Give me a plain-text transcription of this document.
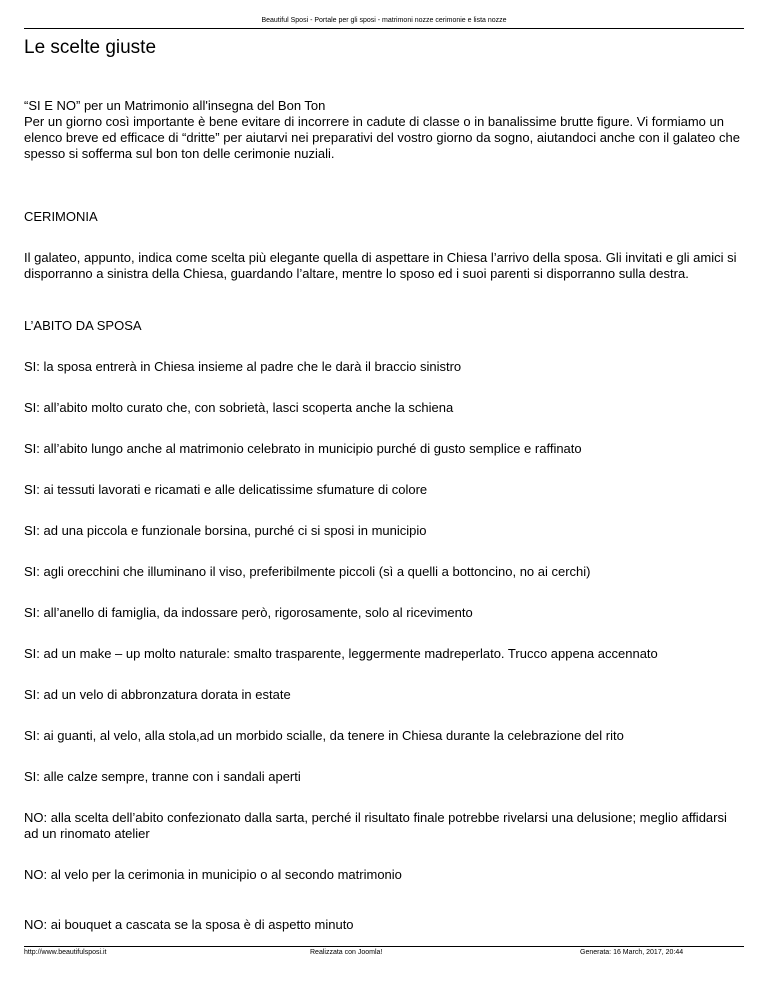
Beautiful Sposi - Portale per gli sposi - matrimoni nozze cerimonie e lista nozze
Le scelte giuste

“SI E NO” per un Matrimonio all'insegna del Bon Ton

Per un giorno così importante è bene evitare di incorrere in cadute di classe o in banalissime brutte figure. Vi formiamo un elenco breve ed efficace di “dritte” per aiutarvi nei preparativi del vostro giorno da sogno, aiutandoci anche con il galateo che spesso si sofferma sul bon ton delle cerimonie nuziali.

CERIMONIA

Il galateo, appunto, indica come scelta più elegante quella di aspettare in Chiesa l’arrivo della sposa. Gli invitati e gli amici si disporranno a sinistra della Chiesa, guardando l’altare, mentre lo sposo ed i suoi parenti si disporranno sulla destra.

L’ABITO DA SPOSA

SI: la sposa entrerà in Chiesa insieme al padre che le darà il braccio sinistro

SI: all’abito molto curato che, con sobrietà, lasci scoperta anche la schiena

SI: all’abito lungo anche al matrimonio celebrato in municipio purché di gusto semplice e raffinato

SI: ai tessuti lavorati e ricamati e alle delicatissime sfumature di colore

SI: ad una piccola e funzionale borsina, purché ci si sposi in municipio

SI: agli orecchini che illuminano il viso, preferibilmente piccoli (sì a quelli a bottoncino, no ai cerchi)

SI: all’anello di famiglia, da indossare però, rigorosamente, solo al ricevimento

SI: ad un make – up molto naturale: smalto trasparente, leggermente madreperlato. Trucco appena accennato

SI: ad un velo di abbronzatura dorata in estate

SI: ai guanti, al velo, alla stola,ad un morbido scialle, da tenere in Chiesa durante la celebrazione del rito

SI: alle calze sempre, tranne con i sandali aperti

NO: alla scelta dell’abito confezionato dalla sarta, perché il risultato finale potrebbe rivelarsi una delusione; meglio affidarsi ad un rinomato atelier

NO: al velo per la cerimonia in municipio o al secondo matrimonio

NO: ai bouquet a cascata se la sposa è di aspetto minuto

http://www.beautifulsposi.it	Realizzata con Joomla!	Generata: 16 March, 2017, 20:44
